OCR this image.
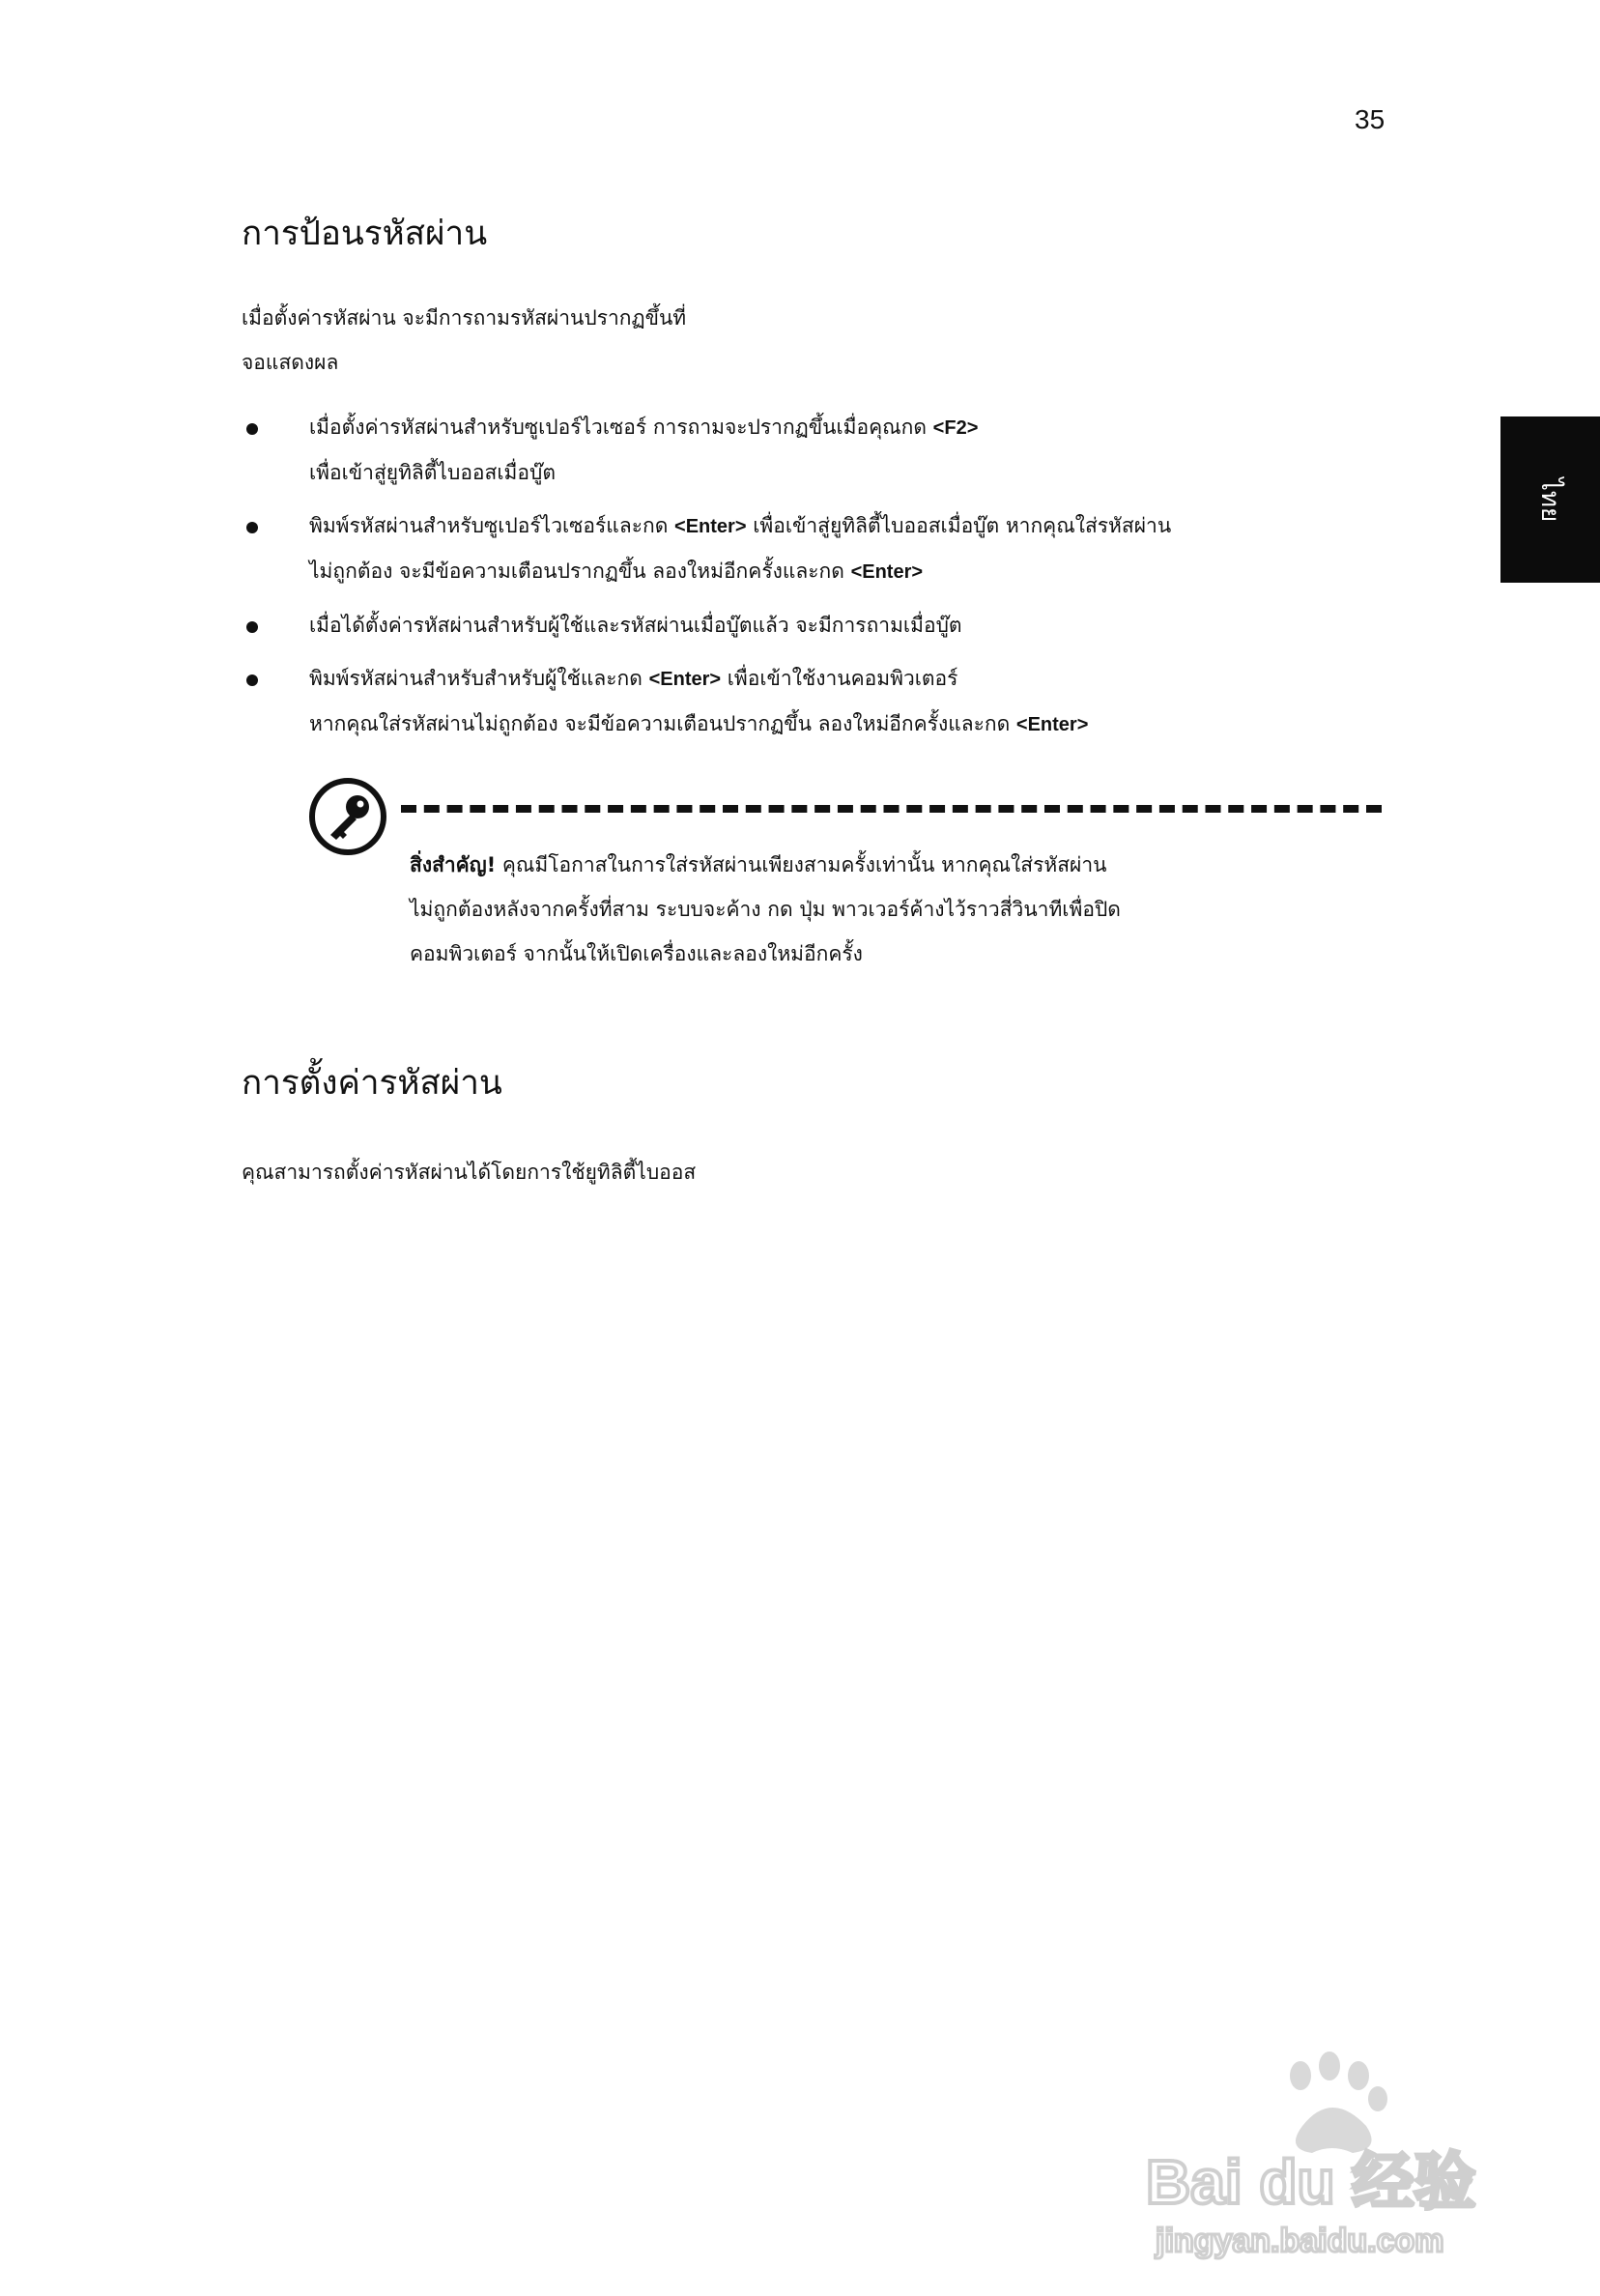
35
ไทย
การป้อนรหัสผ่าน

เมื่อตั้งค่ารหัสผ่าน จะมีการถามรหัสผ่านปรากฏขึ้นที่
จอแสดงผล

เมื่อตั้งค่ารหัสผ่านสำหรับซูเปอร์ไวเซอร์ การถามจะปรากฏขึ้นเมื่อคุณกด <F2>
เพื่อเข้าสู่ยูทิลิตี้ไบออสเมื่อบู๊ต
พิมพ์รหัสผ่านสำหรับซูเปอร์ไวเซอร์และกด <Enter> เพื่อเข้าสู่ยูทิลิตี้ไบออสเมื่อบู๊ต หากคุณใส่รหัสผ่าน
ไม่ถูกต้อง จะมีข้อความเตือนปรากฏขึ้น ลองใหม่อีกครั้งและกด <Enter>
เมื่อได้ตั้งค่ารหัสผ่านสำหรับผู้ใช้และรหัสผ่านเมื่อบู๊ตแล้ว จะมีการถามเมื่อบู๊ต
พิมพ์รหัสผ่านสำหรับสำหรับผู้ใช้และกด <Enter> เพื่อเข้าใช้งานคอมพิวเตอร์
หากคุณใส่รหัสผ่านไม่ถูกต้อง จะมีข้อความเตือนปรากฏขึ้น ลองใหม่อีกครั้งและกด <Enter>

สิ่งสำคัญ! คุณมีโอกาสในการใส่รหัสผ่านเพียงสามครั้งเท่านั้น หากคุณใส่รหัสผ่าน
ไม่ถูกต้องหลังจากครั้งที่สาม ระบบจะค้าง กด ปุ่ม พาวเวอร์ค้างไว้ราวสี่วินาทีเพื่อปิด
คอมพิวเตอร์ จากนั้นให้เปิดเครื่องและลองใหม่อีกครั้ง

การตั้งค่ารหัสผ่าน

คุณสามารถตั้งค่ารหัสผ่านได้โดยการใช้ยูทิลิตี้ไบออส

Bai du 经验
jingyan.baidu.com
